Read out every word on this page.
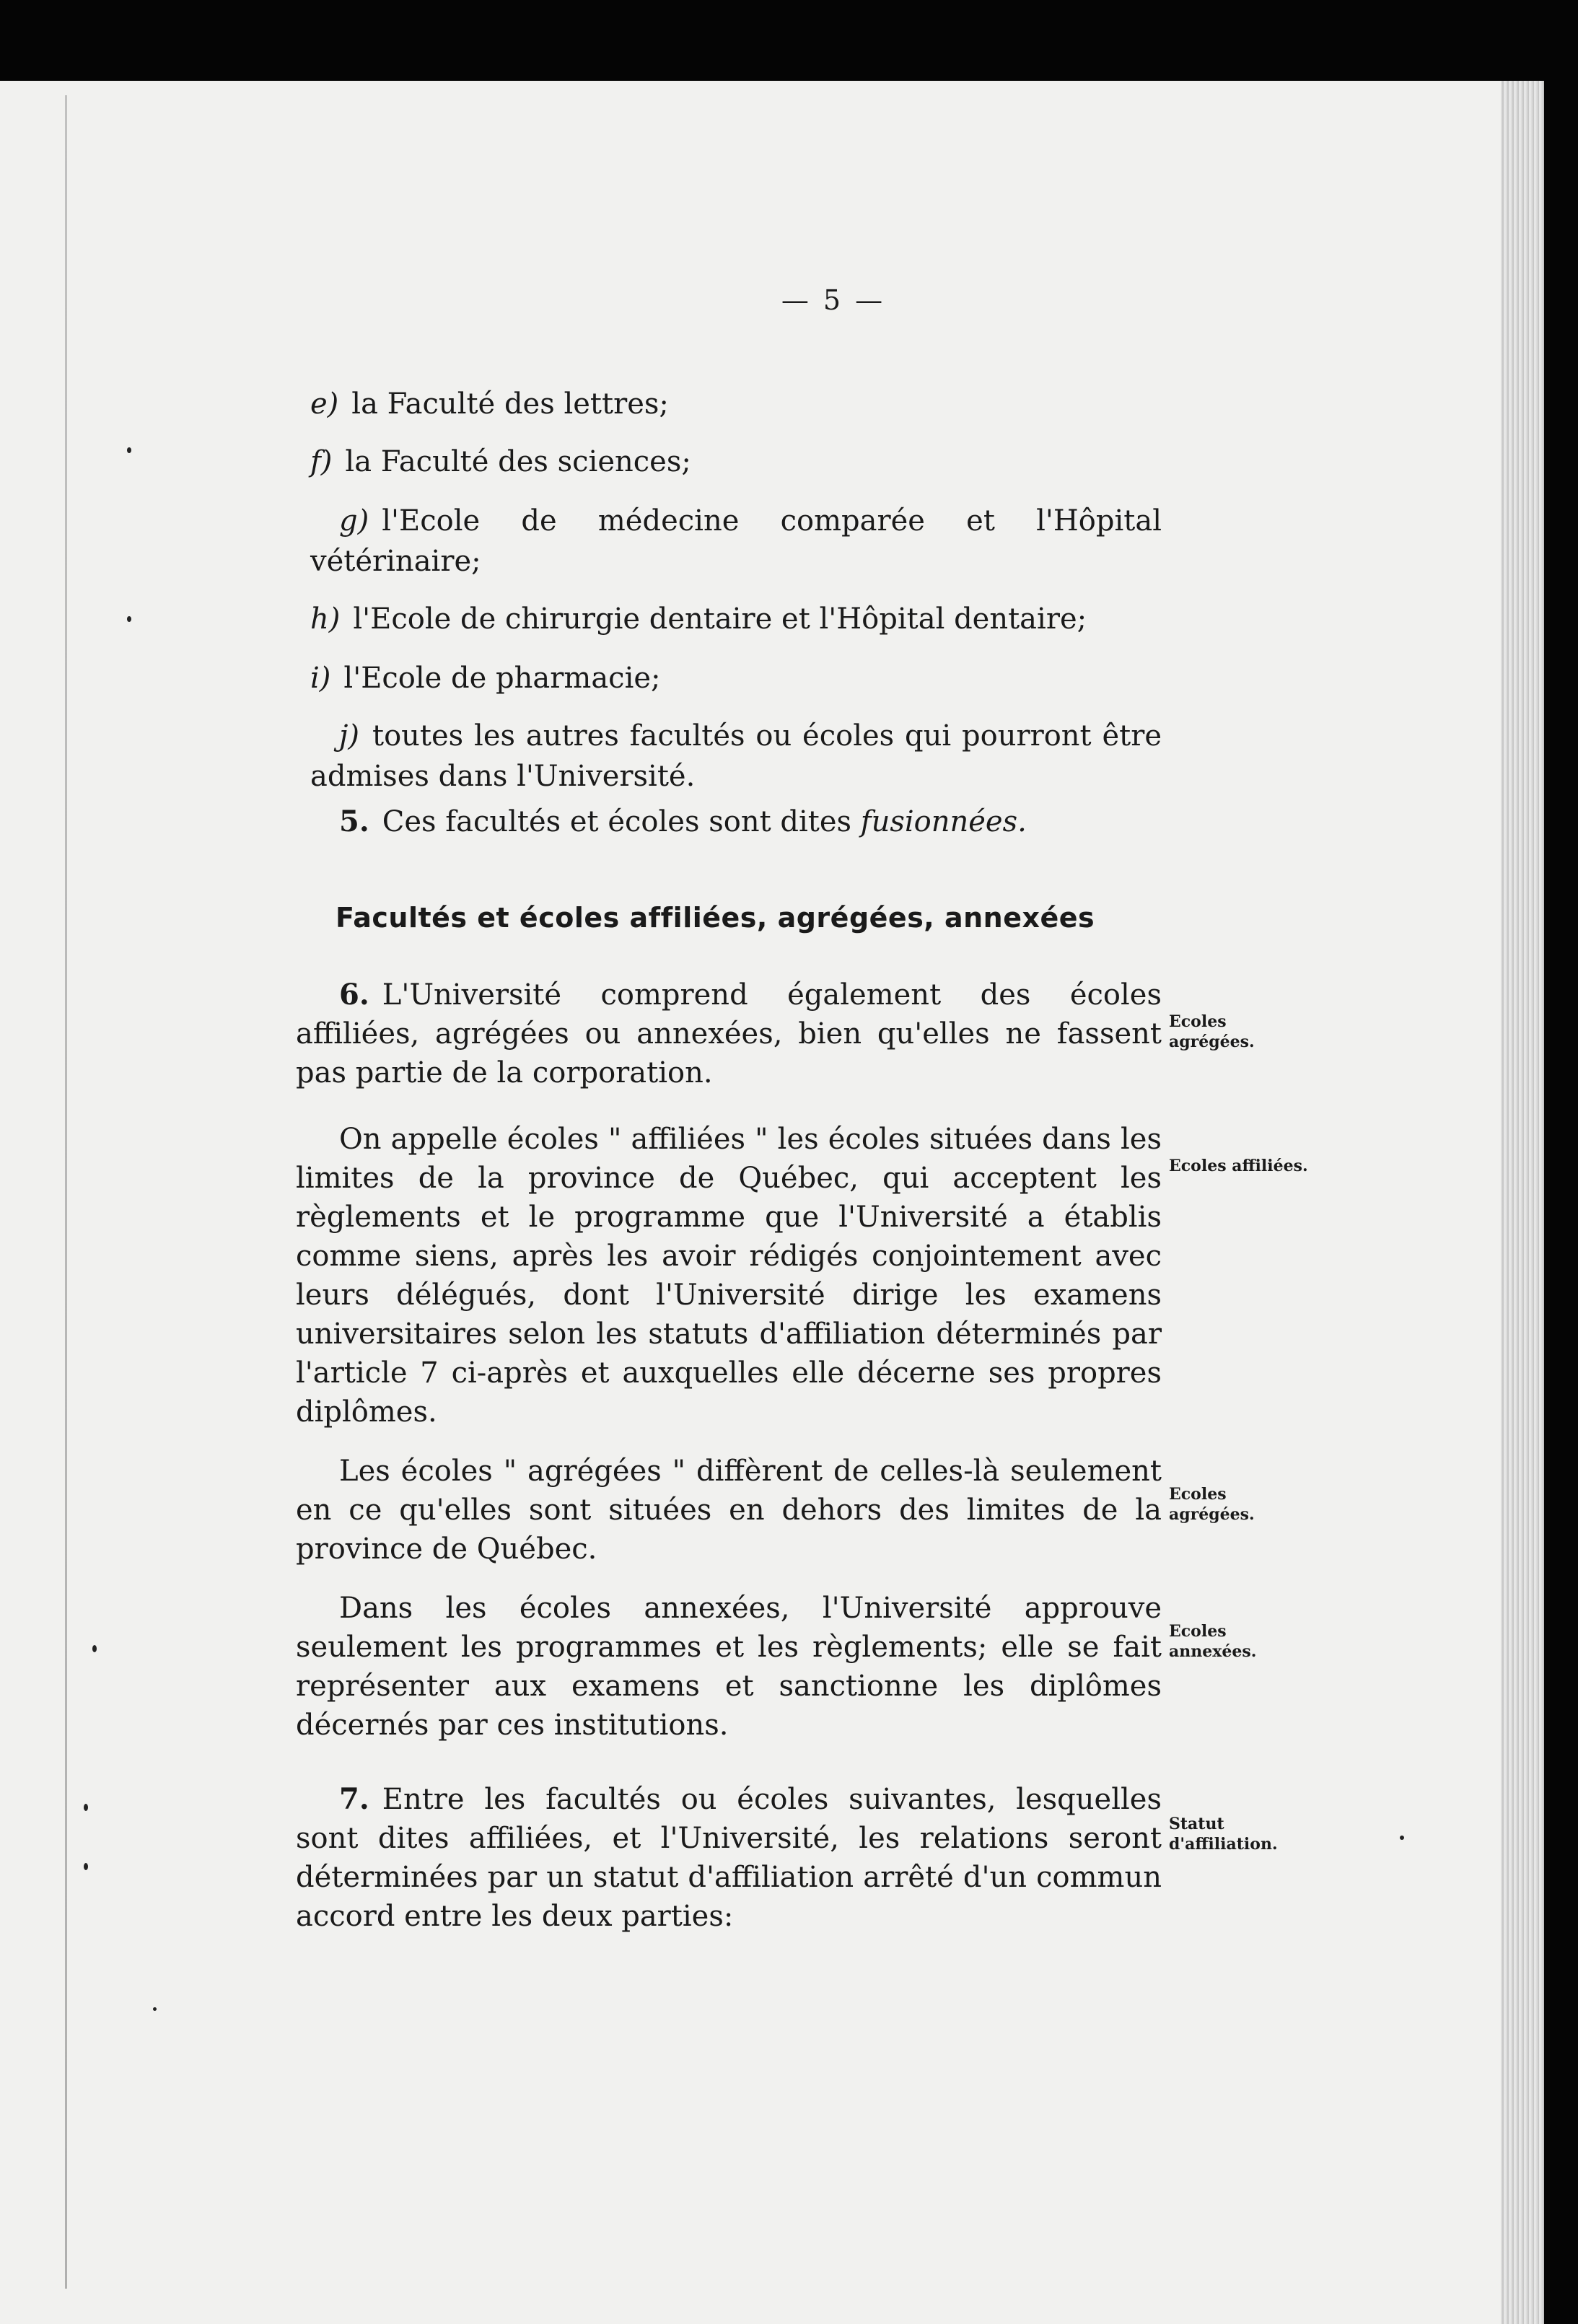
— 5 —
e) la Faculté des lettres;
f) la Faculté des sciences;
g) l'Ecole de médecine comparée et l'Hôpital vétérinaire;
h) l'Ecole de chirurgie dentaire et l'Hôpital dentaire;
i) l'Ecole de pharmacie;
j) toutes les autres facultés ou écoles qui pourront être admises dans l'Université.
5. Ces facultés et écoles sont dites fusionnées.
Facultés et écoles affiliées, agrégées, annexées
6. L'Université comprend également des écoles affiliées, agrégées ou annexées, bien qu'elles ne fassent pas partie de la corporation.
Ecoles agrégées.
On appelle écoles " affiliées " les écoles situées dans les limites de la province de Québec, qui acceptent les règlements et le programme que l'Université a établis comme siens, après les avoir rédigés conjointement avec leurs délégués, dont l'Université dirige les examens universitaires selon les statuts d'affiliation déterminés par l'article 7 ci-après et auxquelles elle décerne ses propres diplômes.
Ecoles affiliées.
Les écoles " agrégées " diffèrent de celles-là seulement en ce qu'elles sont situées en dehors des limites de la province de Québec.
Ecoles agrégées.
Dans les écoles annexées, l'Université approuve seulement les programmes et les règlements; elle se fait représenter aux examens et sanctionne les diplômes décernés par ces institutions.
Ecoles annexées.
7. Entre les facultés ou écoles suivantes, lesquelles sont dites affiliées, et l'Université, les relations seront déterminées par un statut d'affiliation arrêté d'un commun accord entre les deux parties:
Statut d'affiliation.
